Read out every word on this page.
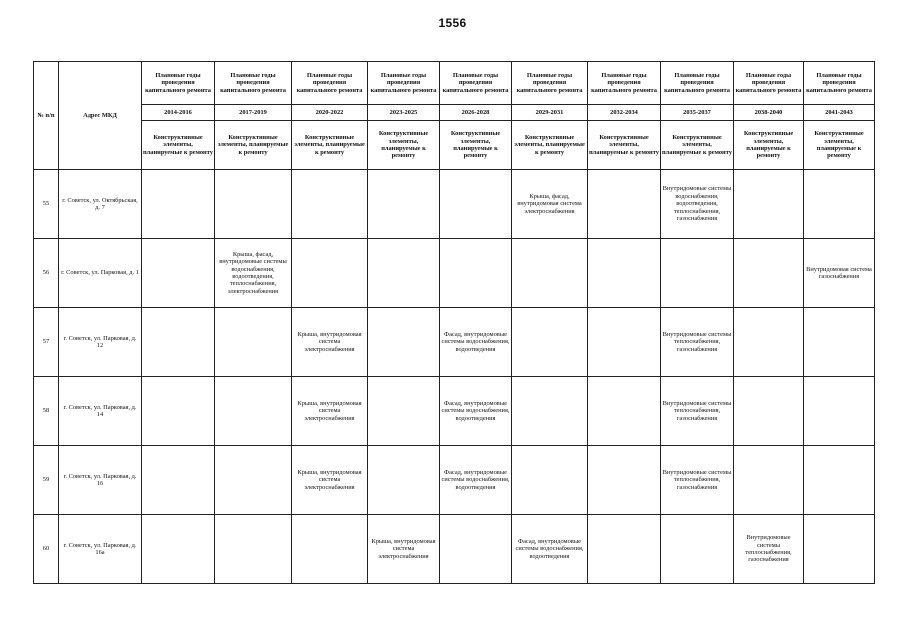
1556
№ п/п	Адрес МКД	Плановые годы проведения капитального ремонта	Плановые годы проведения капитального ремонта	Плановые годы проведения капитального ремонта	Плановые годы проведения капитального ремонта	Плановые годы проведения капитального ремонта	Плановые годы проведения капитального ремонта	Плановые годы проведения капитального ремонта	Плановые годы проведения капитального ремонта	Плановые годы проведения капитального ремонта	Плановые годы проведения капитального ремонта
		2014-2016	2017-2019	2020-2022	2023-2025	2026-2028	2029-2031	2032-2034	2035-2037	2038-2040	2041-2043
		Конструктивные элементы, планируемые к ремонту	Конструктивные элементы, планируемые к ремонту	Конструктивные элементы, планируемые к ремонту	Конструктивные элементы, планируемые к ремонту	Конструктивные элементы, планируемые к ремонту	Конструктивные элементы, планируемые к ремонту	Конструктивные элементы, планируемые к ремонту	Конструктивные элементы, планируемые к ремонту	Конструктивные элементы, планируемые к ремонту	Конструктивные элементы, планируемые к ремонту
55	г. Советск, ул. Октябрьская, д. 7						Крыша, фасад, внутридомовая система электроснабжения		Внутридомовые системы водоснабжения, водоотведения, теплоснабжения, газоснабжения		
56	г. Советск, ул. Парковая, д. 1		Крыша, фасад, внутридомовые системы водоснабжения, водоотведения, теплоснабжения, электроснабжения								Внутридомовая система газоснабжения
57	г. Советск, ул. Парковая, д. 12			Крыша, внутридомовая система электроснабжения		Фасад, внутридомовые системы водоснабжения, водоотведения			Внутридомовые системы теплоснабжения, газоснабжения		
58	г. Советск, ул. Парковая, д. 14			Крыша, внутридомовая система электроснабжения		Фасад, внутридомовые системы водоснабжения, водоотведения			Внутридомовые системы теплоснабжения, газоснабжения		
59	г. Советск, ул. Парковая, д. 16			Крыша, внутридомовая система электроснабжения		Фасад, внутридомовые системы водоснабжения, водоотведения			Внутридомовые системы теплоснабжения, газоснабжения		
60	г. Советск, ул. Парковая, д. 16а				Крыша, внутридомовая система электроснабжения		Фасад, внутридомовые системы водоснабжения, водоотведения			Внутридомовые системы теплоснабжения, газоснабжения	
